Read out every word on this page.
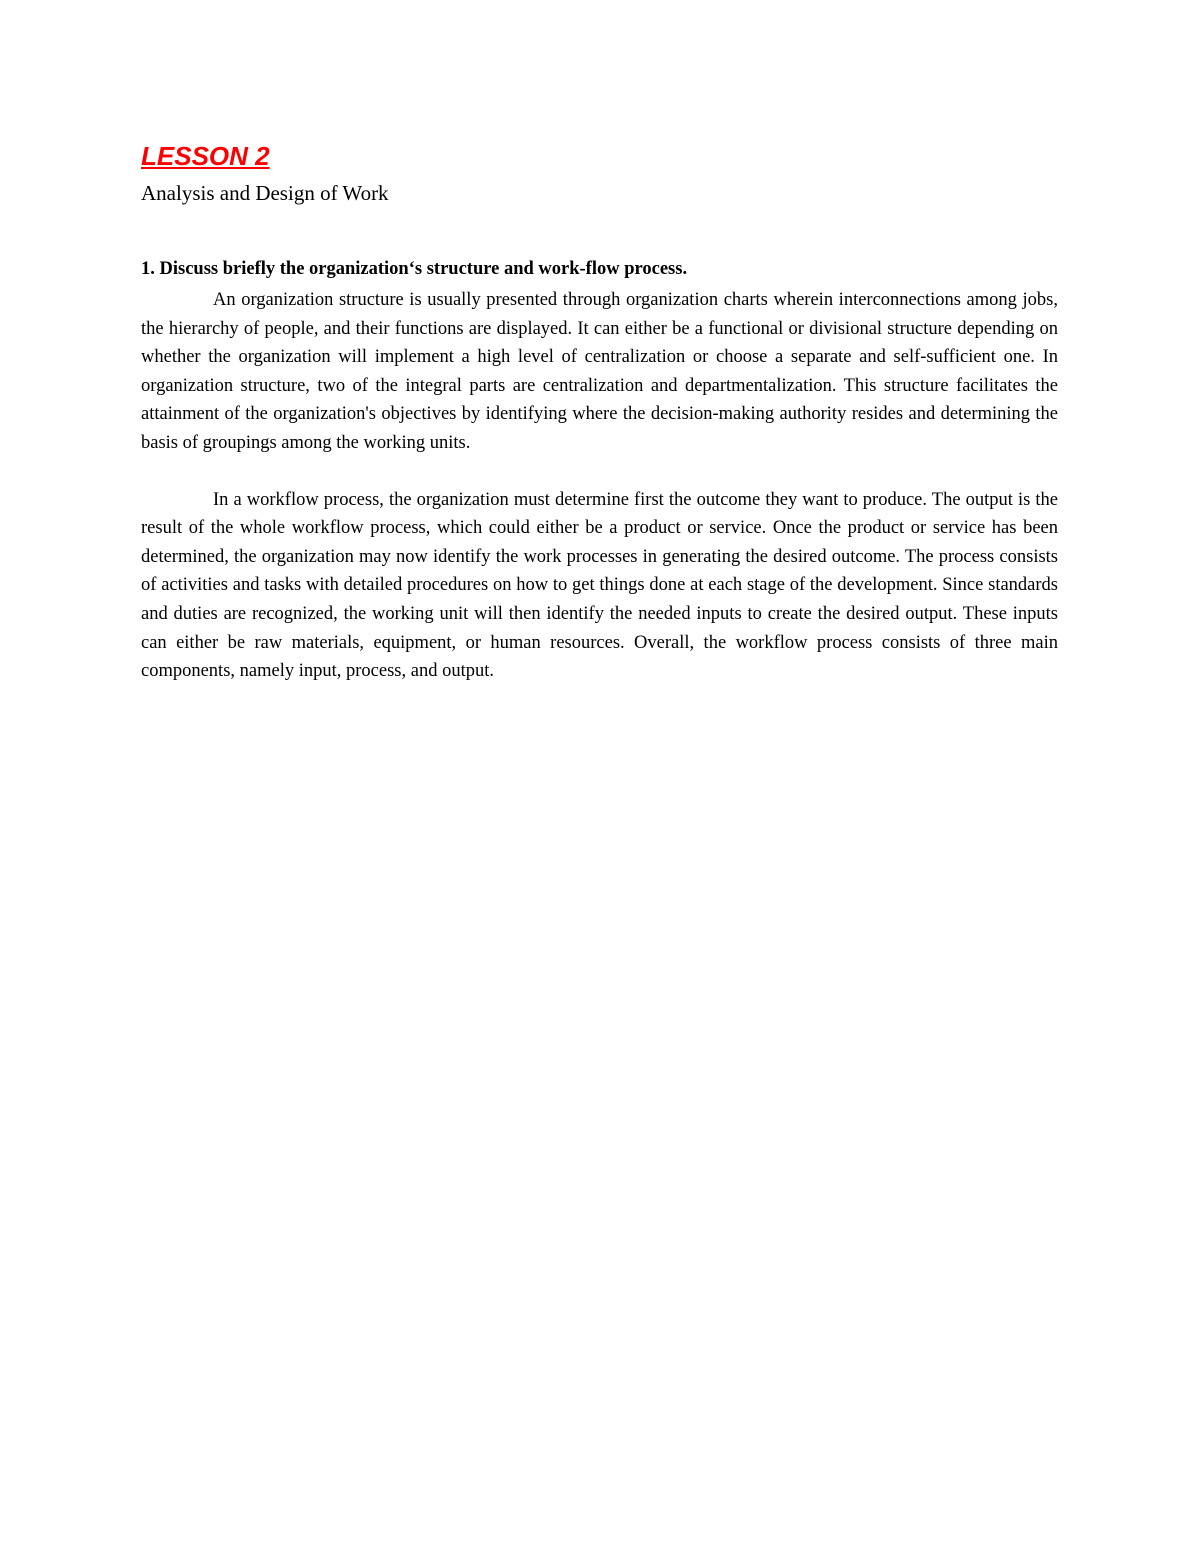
LESSON 2
Analysis and Design of Work

1. Discuss briefly the organization‘s structure and work-flow process.

An organization structure is usually presented through organization charts wherein interconnections among jobs, the hierarchy of people, and their functions are displayed. It can either be a functional or divisional structure depending on whether the organization will implement a high level of centralization or choose a separate and self-sufficient one. In organization structure, two of the integral parts are centralization and departmentalization. This structure facilitates the attainment of the organization's objectives by identifying where the decision-making authority resides and determining the basis of groupings among the working units.

In a workflow process, the organization must determine first the outcome they want to produce. The output is the result of the whole workflow process, which could either be a product or service. Once the product or service has been determined, the organization may now identify the work processes in generating the desired outcome. The process consists of activities and tasks with detailed procedures on how to get things done at each stage of the development. Since standards and duties are recognized, the working unit will then identify the needed inputs to create the desired output. These inputs can either be raw materials, equipment, or human resources. Overall, the workflow process consists of three main components, namely input, process, and output.
